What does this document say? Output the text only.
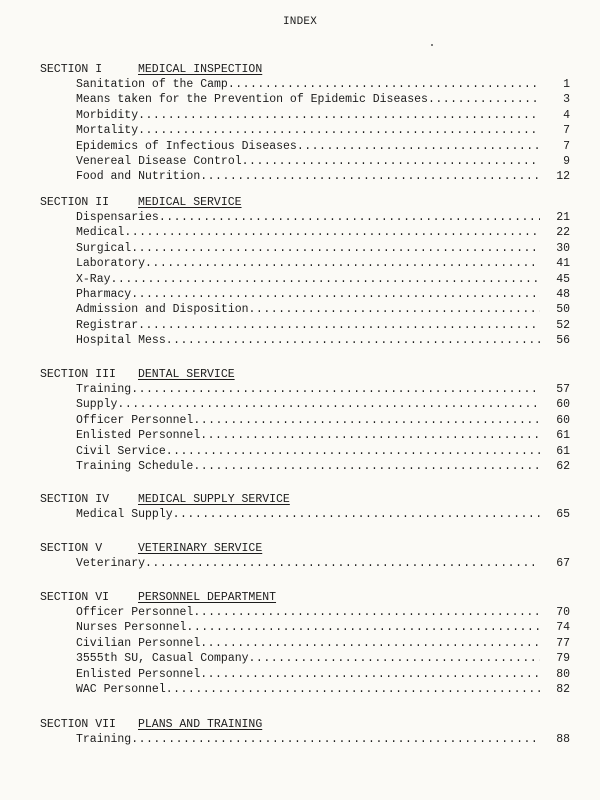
INDEX
SECTION I	MEDICAL INSPECTION
Sanitation of the Camp .....	1
Means taken for the Prevention of Epidemic Diseases .....	3
Morbidity .....	4
Mortality .....	7
Epidemics of Infectious Diseases .....	7
Venereal Disease Control .....	9
Food and Nutrition .....	12
SECTION II	MEDICAL SERVICE
Dispensaries .....	21
Medical .....	22
Surgical .....	30
Laboratory .....	41
X-Ray .....	45
Pharmacy .....	48
Admission and Disposition .....	50
Registrar .....	52
Hospital Mess .....	56
SECTION III DENTAL SERVICE
Training .....	57
Supply .....	60
Officer Personnel .....	60
Enlisted Personnel .....	61
Civil Service .....	61
Training Schedule .....	62
SECTION IV	MEDICAL SUPPLY SERVICE
Medical Supply .....	65
SECTION V	VETERINARY SERVICE
Veterinary .....	67
SECTION VI	PERSONNEL DEPARTMENT
Officer Personnel .....	70
Nurses Personnel .....	74
Civilian Personnel .....	77
3555th SU, Casual Company .....	79
Enlisted Personnel .....	80
WAC Personnel .....	82
SECTION VII PLANS AND TRAINING
Training .....	88
